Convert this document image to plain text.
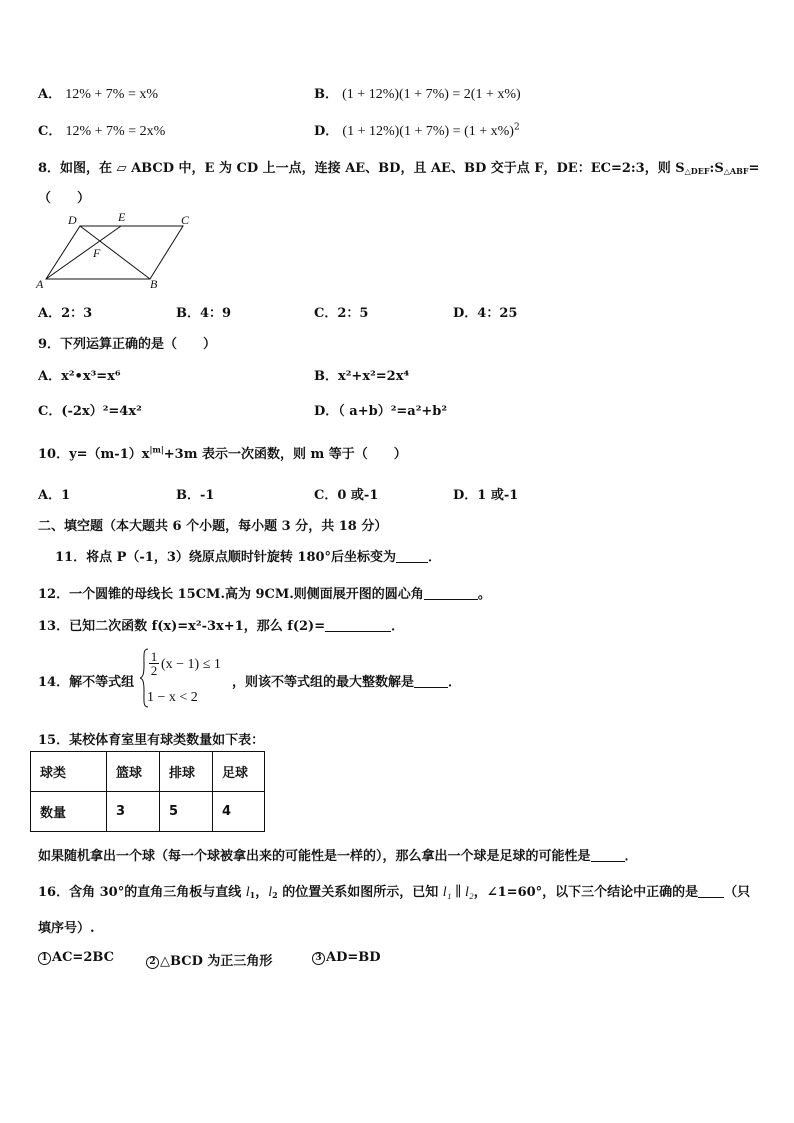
A． 12% + 7% = x%	B． (1 + 12%)(1 + 7%) = 2(1 + x%)
C． 12% + 7% = 2x%	D． $(1 + 12\%)(1 + 7\%) = (1 + x\%)^2$
8．如图，在 ▱ ABCD 中，E 为 CD 上一点，连接 AE、BD，且 AE、BD 交于点 F，DE：EC=2:3，则 $S_{\triangle DEF}:S_{\triangle ABF}=$
（　　）
D	E	C
F
A	B
A．2：3	B．4：9	C．2：5	D．4：25
9．下列运算正确的是（　　）
A．x²•x³=x⁶	B．x²+x²=2x⁴
C．(-2x）²=4x²	D．（ a+b）²=a²+b²
10．$y=(m-1)x^{|m|}+3m$ 表示一次函数，则 m 等于（　　）
A．1	B．-1	C．0 或-1	D．1 或-1
二、填空题（本大题共 6 个小题，每小题 3 分，共 18 分）
11．将点 P（-1，3）绕原点顺时针旋转 180°后坐标变为 ．
12．一个圆锥的母线长 15CM.高为 9CM.则侧面展开图的圆心角	。
13．已知二次函数 f(x)=x²-3x+1，那么 f(2)=	．
14．解不等式组
1
2 (x − 1) ≤ 1
1 − x < 2
，则该不等式组的最大整数解是	．
15．某校体育室里有球类数量如下表：
球类	篮球	排球	足球
数量	3	5	4
如果随机拿出一个球（每一个球被拿出来的可能性是一样的），那么拿出一个球是足球的可能性是	．
16．含角 30°的直角三角板与直线 $l_1$，$l_2$ 的位置关系如图所示，已知 l₁ ∥ l₂，∠1=60°，以下三个结论中正确的是 （只
填序号）.
1 AC=2BC	2 △BCD 为正三角形	3 AD=BD
